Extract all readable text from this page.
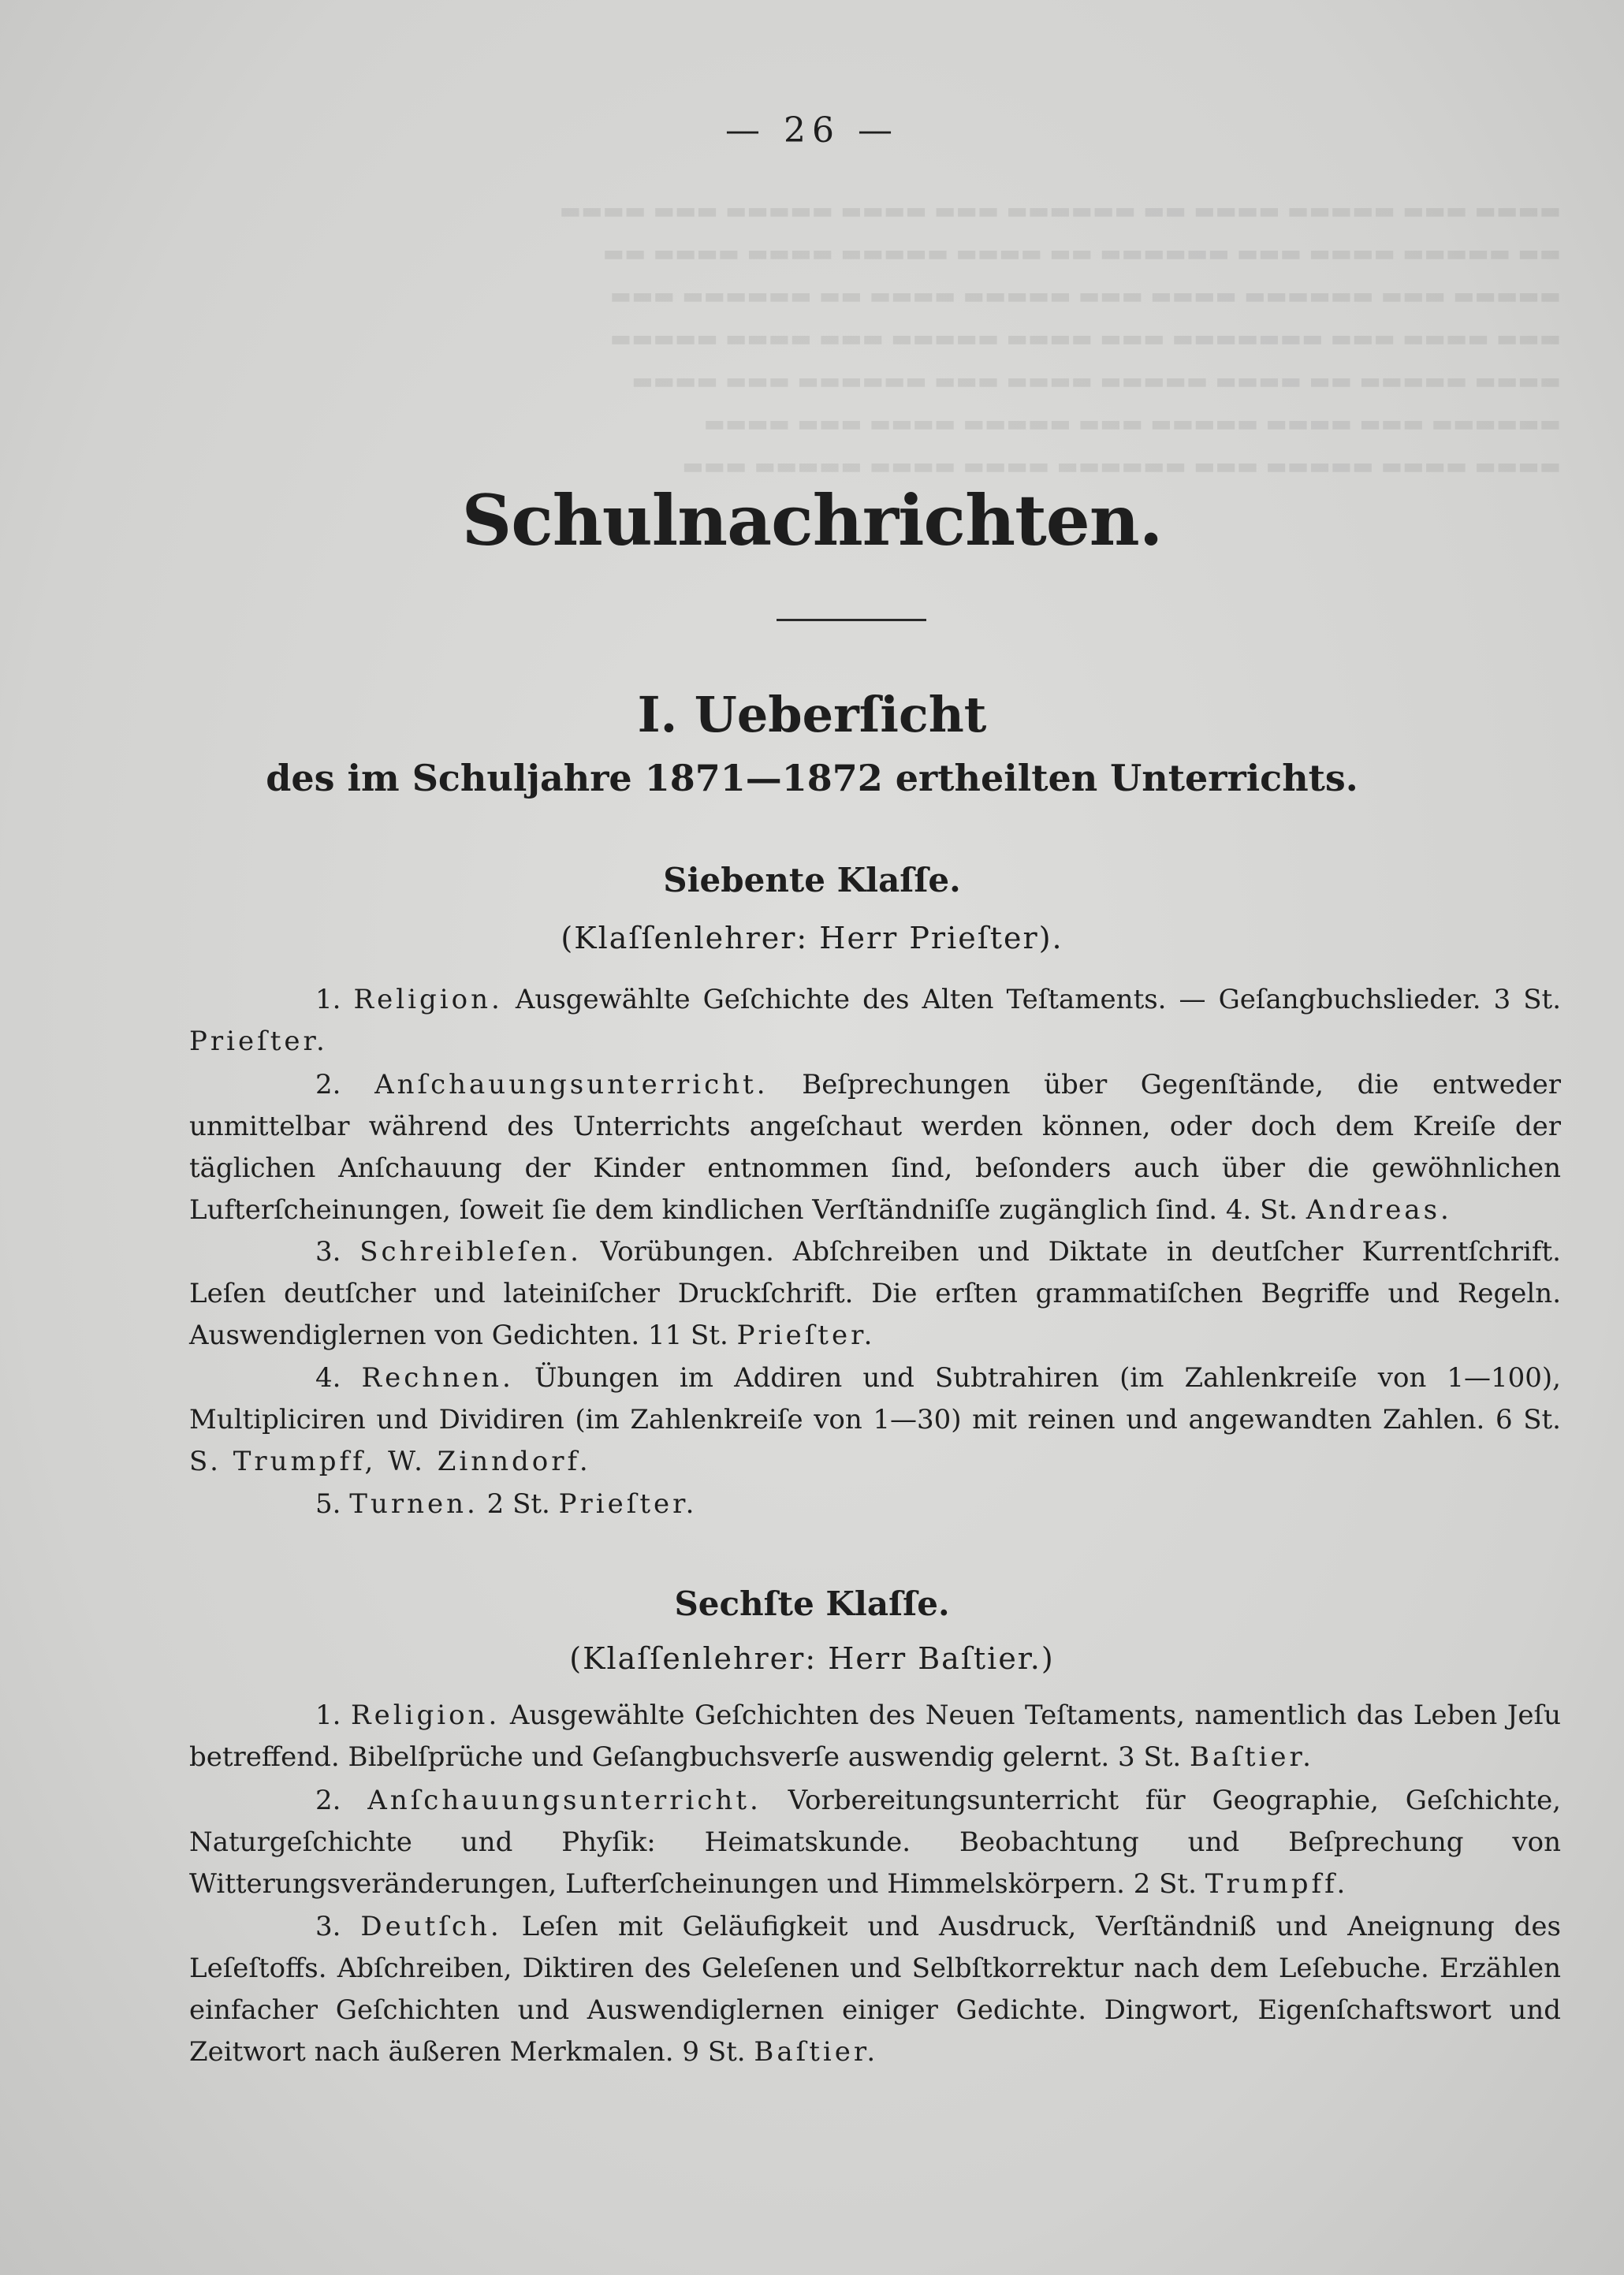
▬▬▬▬ ▬▬▬ ▬▬▬▬▬ ▬▬▬▬ ▬▬ ▬▬▬▬▬▬ ▬▬▬ ▬▬▬▬ ▬▬▬▬▬ ▬▬▬ ▬▬▬▬
▬▬ ▬▬▬▬▬ ▬▬▬▬ ▬▬▬ ▬▬▬▬▬▬ ▬▬ ▬▬▬▬ ▬▬▬▬▬ ▬▬▬▬ ▬▬▬▬ ▬▬
▬▬▬▬▬ ▬▬▬ ▬▬▬▬▬▬ ▬▬▬▬ ▬▬▬ ▬▬▬▬▬ ▬▬▬▬ ▬▬ ▬▬▬▬▬▬ ▬▬▬
▬▬▬ ▬▬▬▬ ▬▬▬ ▬▬▬▬▬▬▬ ▬▬▬ ▬▬▬▬ ▬▬▬▬▬ ▬▬▬ ▬▬▬▬ ▬▬▬▬▬
▬▬▬▬ ▬▬▬▬▬ ▬▬ ▬▬▬▬ ▬▬▬▬▬ ▬▬▬▬ ▬▬▬ ▬▬▬▬▬▬ ▬▬▬ ▬▬▬▬
▬▬▬▬▬▬ ▬▬▬ ▬▬▬▬ ▬▬▬▬▬ ▬▬▬ ▬▬▬▬▬ ▬▬▬▬ ▬▬▬ ▬▬▬▬
▬▬▬▬ ▬▬▬▬ ▬▬▬▬▬ ▬▬▬ ▬▬▬▬▬▬ ▬▬▬▬ ▬▬▬▬ ▬▬▬▬▬ ▬▬▬
— 26 —
Schulnachrichten.
I. Ueberſicht
des im Schuljahre 1871—1872 ertheilten Unterrichts.
Siebente Klaſſe.
(Klaſſenlehrer: Herr Prieſter).

1. Religion. Ausgewählte Geſchichte des Alten Teſtaments. — Geſangbuchslieder. 3 St. Prieſter.

2. Anſchauungsunterricht. Beſprechungen über Gegenſtände, die entweder unmittelbar während des Unterrichts angeſchaut werden können, oder doch dem Kreiſe der täglichen Anſchauung der Kinder entnommen ſind, beſonders auch über die gewöhnlichen Lufterſcheinungen, ſoweit ſie dem kindlichen Verſtändniſſe zugänglich ſind. 4. St. Andreas.

3. Schreibleſen. Vorübungen. Abſchreiben und Diktate in deutſcher Kurrentſchrift. Leſen deutſcher und lateiniſcher Druckſchrift. Die erſten grammatiſchen Begriffe und Regeln. Auswendiglernen von Gedichten. 11 St. Prieſter.

4. Rechnen. Übungen im Addiren und Subtrahiren (im Zahlenkreiſe von 1—100), Multipliciren und Dividiren (im Zahlenkreiſe von 1—30) mit reinen und angewandten Zahlen. 6 St. S. Trumpff, W. Zinndorf.

5. Turnen. 2 St. Prieſter.

Sechſte Klaſſe.
(Klaſſenlehrer: Herr Baſtier.)

1. Religion. Ausgewählte Geſchichten des Neuen Teſtaments, namentlich das Leben Jeſu betreffend. Bibelſprüche und Geſangbuchsverſe auswendig gelernt. 3 St. Baſtier.

2. Anſchauungsunterricht. Vorbereitungsunterricht für Geographie, Geſchichte, Naturgeſchichte und Phyſik: Heimatskunde. Beobachtung und Beſprechung von Witterungsveränderungen, Lufterſcheinungen und Himmelskörpern. 2 St. Trumpff.

3. Deutſch. Leſen mit Geläufigkeit und Ausdruck, Verſtändniß und Aneignung des Leſeſtoffs. Abſchreiben, Diktiren des Geleſenen und Selbſtkorrektur nach dem Leſebuche. Erzählen einfacher Geſchichten und Auswendiglernen einiger Gedichte. Dingwort, Eigenſchaftswort und Zeitwort nach äußeren Merkmalen. 9 St. Baſtier.
